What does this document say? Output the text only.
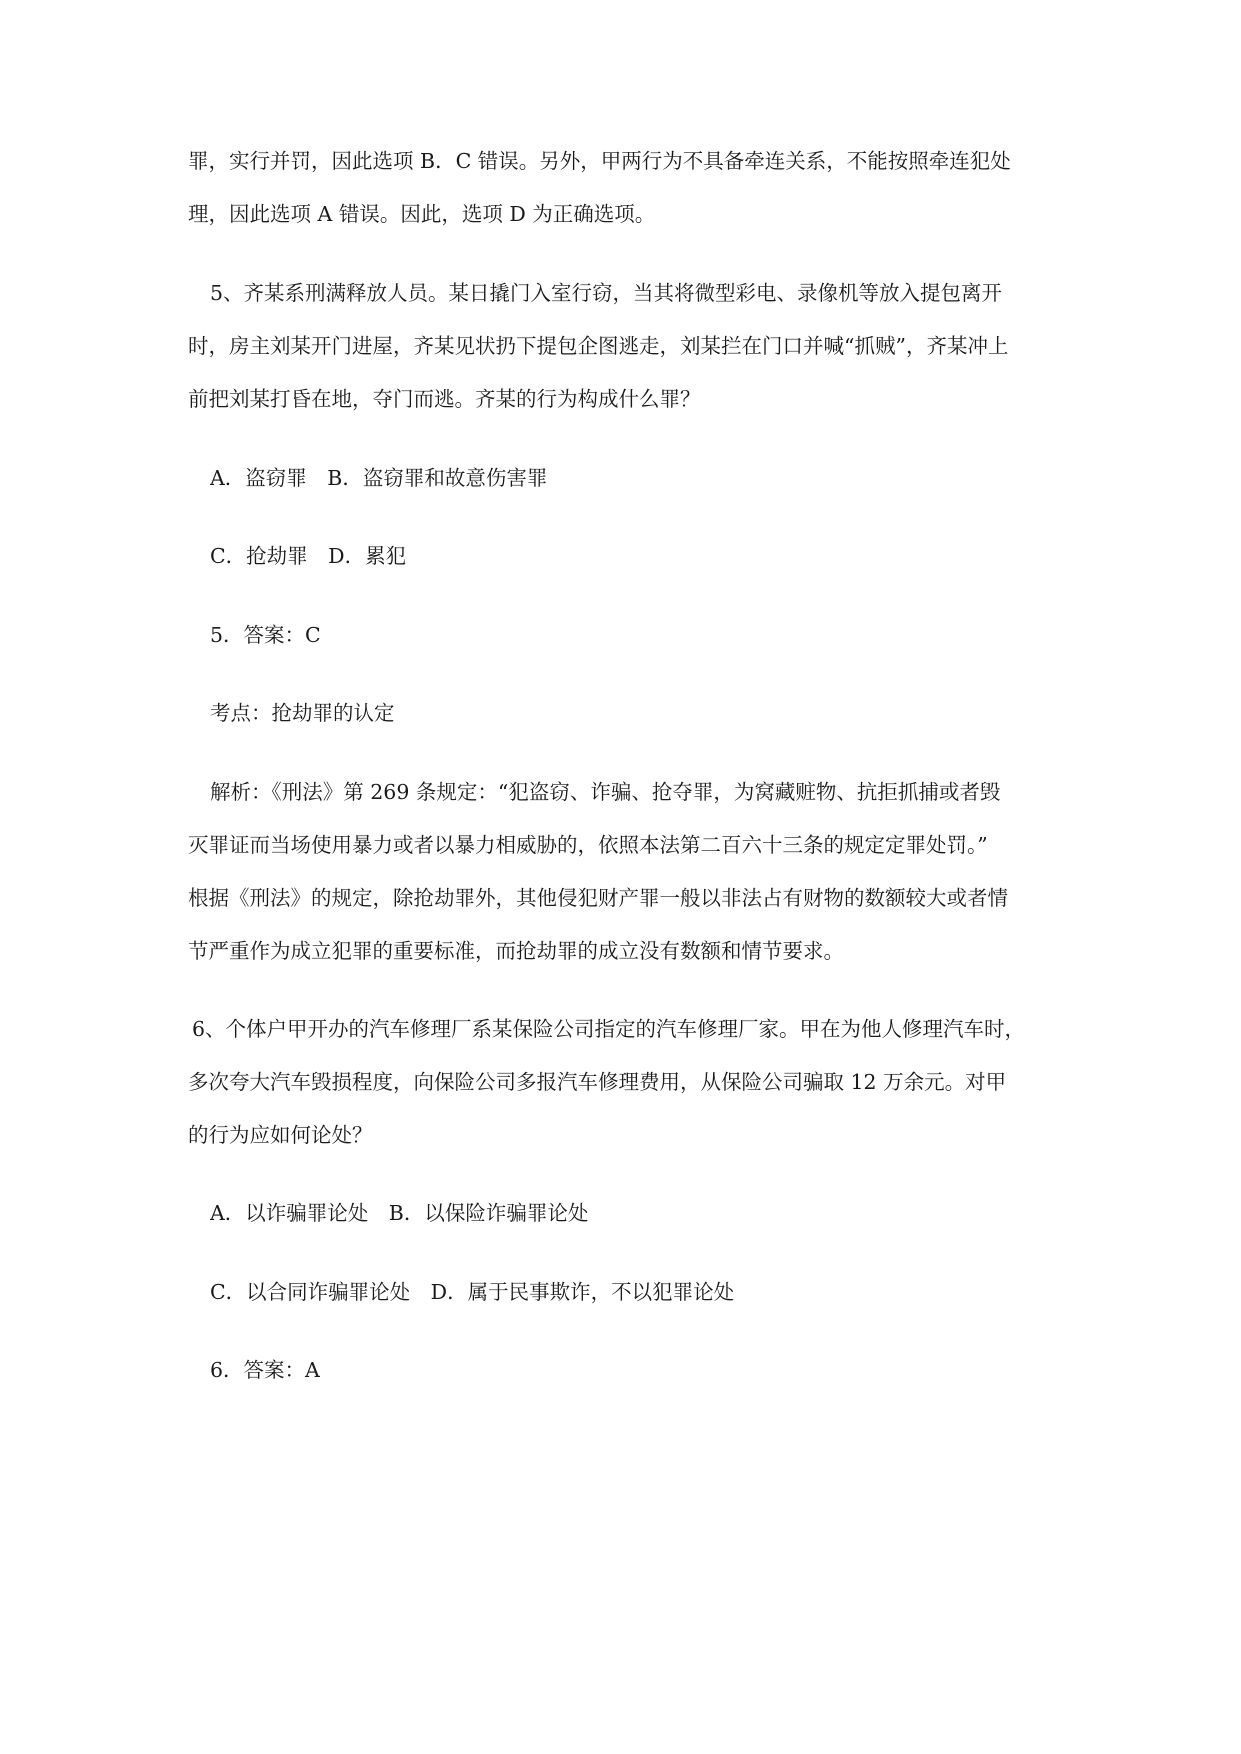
罪，实行并罚，因此选项 B．C 错误。另外，甲两行为不具备牵连关系，不能按照牵连犯处
理，因此选项 A 错误。因此，选项 D 为正确选项。
5、齐某系刑满释放人员。某日撬门入室行窃，当其将微型彩电、录像机等放入提包离开
时，房主刘某开门进屋，齐某见状扔下提包企图逃走，刘某拦在门口并喊“抓贼”，齐某冲上
前把刘某打昏在地，夺门而逃。齐某的行为构成什么罪？
A．盗窃罪　B．盗窃罪和故意伤害罪
C．抢劫罪　D．累犯
5．答案：C
考点：抢劫罪的认定
解析：《刑法》第 269 条规定：“犯盗窃、诈骗、抢夺罪，为窝藏赃物、抗拒抓捕或者毁
灭罪证而当场使用暴力或者以暴力相威胁的，依照本法第二百六十三条的规定定罪处罚。”
根据《刑法》的规定，除抢劫罪外，其他侵犯财产罪一般以非法占有财物的数额较大或者情
节严重作为成立犯罪的重要标准，而抢劫罪的成立没有数额和情节要求。
6、个体户甲开办的汽车修理厂系某保险公司指定的汽车修理厂家。甲在为他人修理汽车时，
多次夸大汽车毁损程度，向保险公司多报汽车修理费用，从保险公司骗取 12 万余元。对甲
的行为应如何论处？
A．以诈骗罪论处　B．以保险诈骗罪论处
C．以合同诈骗罪论处　D．属于民事欺诈，不以犯罪论处
6．答案：A
